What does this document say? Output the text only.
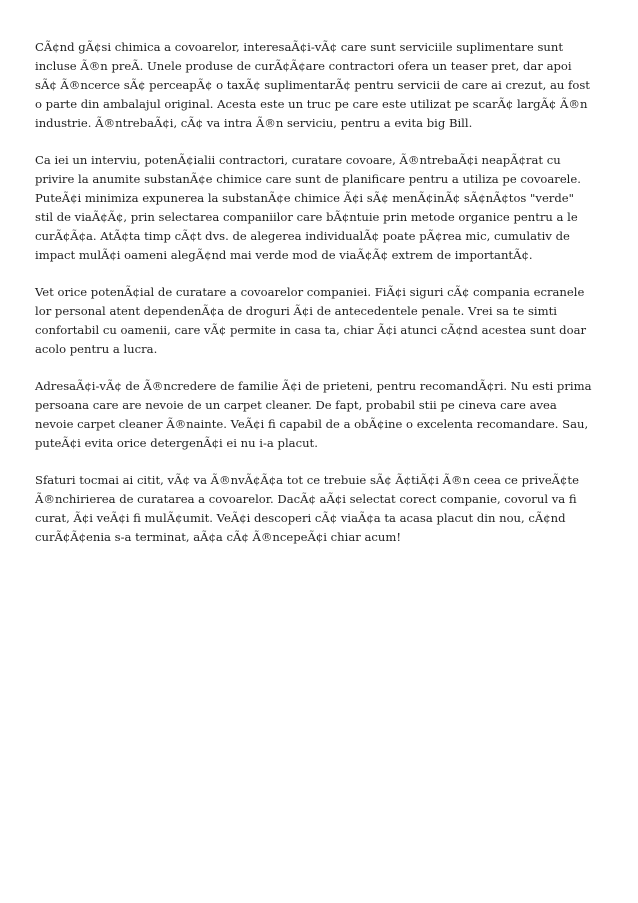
CÃ¢nd gÃ¢si chimica a covoarelor, interesaÃ¢i-vÃ¢ care sunt serviciile suplimentare sunt incluse Ã®n preÃ. Unele produse de curÃ¢Ã¢are contractori ofera un teaser pret, dar apoi sÃ¢ Ã®ncerce sÃ¢ perceapÃ¢ o taxÃ¢ suplimentarÃ¢ pentru servicii de care ai crezut, au fost o parte din ambalajul original. Acesta este un truc pe care este utilizat pe scarÃ¢ largÃ¢ Ã®n industrie. Ã®ntrebaÃ¢i, cÃ¢ va intra Ã®n serviciu, pentru a evita big Bill.

Ca iei un interviu, potenÃ¢ialii contractori, curatare covoare, Ã®ntrebaÃ¢i neapÃ¢rat cu privire la anumite substanÃ¢e chimice care sunt de planificare pentru a utiliza pe covoarele. PuteÃ¢i minimiza expunerea la substanÃ¢e chimice Ã¢i sÃ¢ menÃ¢inÃ¢ sÃ¢nÃ¢tos "verde" stil de viaÃ¢Ã¢, prin selectarea companiilor care bÃ¢ntuie prin metode organice pentru a le curÃ¢Ã¢a. AtÃ¢ta timp cÃ¢t dvs. de alegerea individualÃ¢ poate pÃ¢rea mic, cumulativ de impact mulÃ¢i oameni alegÃ¢nd mai verde mod de viaÃ¢Ã¢ extrem de importantÃ¢.

Vet orice potenÃ¢ial de curatare a covoarelor companiei. FiÃ¢i siguri cÃ¢ compania ecranele lor personal atent dependenÃ¢a de droguri Ã¢i de antecedentele penale. Vrei sa te simti confortabil cu oamenii, care vÃ¢ permite in casa ta, chiar Ã¢i atunci cÃ¢nd acestea sunt doar acolo pentru a lucra.

AdresaÃ¢i-vÃ¢ de Ã®ncredere de familie Ã¢i de prieteni, pentru recomandÃ¢ri. Nu esti prima persoana care are nevoie de un carpet cleaner. De fapt, probabil stii pe cineva care avea nevoie carpet cleaner Ã®nainte. VeÃ¢i fi capabil de a obÃ¢ine o excelenta recomandare. Sau, puteÃ¢i evita orice detergenÃ¢i ei nu i-a placut.

Sfaturi tocmai ai citit, vÃ¢ va Ã®nvÃ¢Ã¢a tot ce trebuie sÃ¢ Ã¢tiÃ¢i Ã®n ceea ce priveÃ¢te Ã®nchirierea de curatarea a covoarelor. DacÃ¢ aÃ¢i selectat corect companie, covorul va fi curat, Ã¢i veÃ¢i fi mulÃ¢umit. VeÃ¢i descoperi cÃ¢ viaÃ¢a ta acasa placut din nou, cÃ¢nd curÃ¢Ã¢enia s-a terminat, aÃ¢a cÃ¢ Ã®ncepeÃ¢i chiar acum!
